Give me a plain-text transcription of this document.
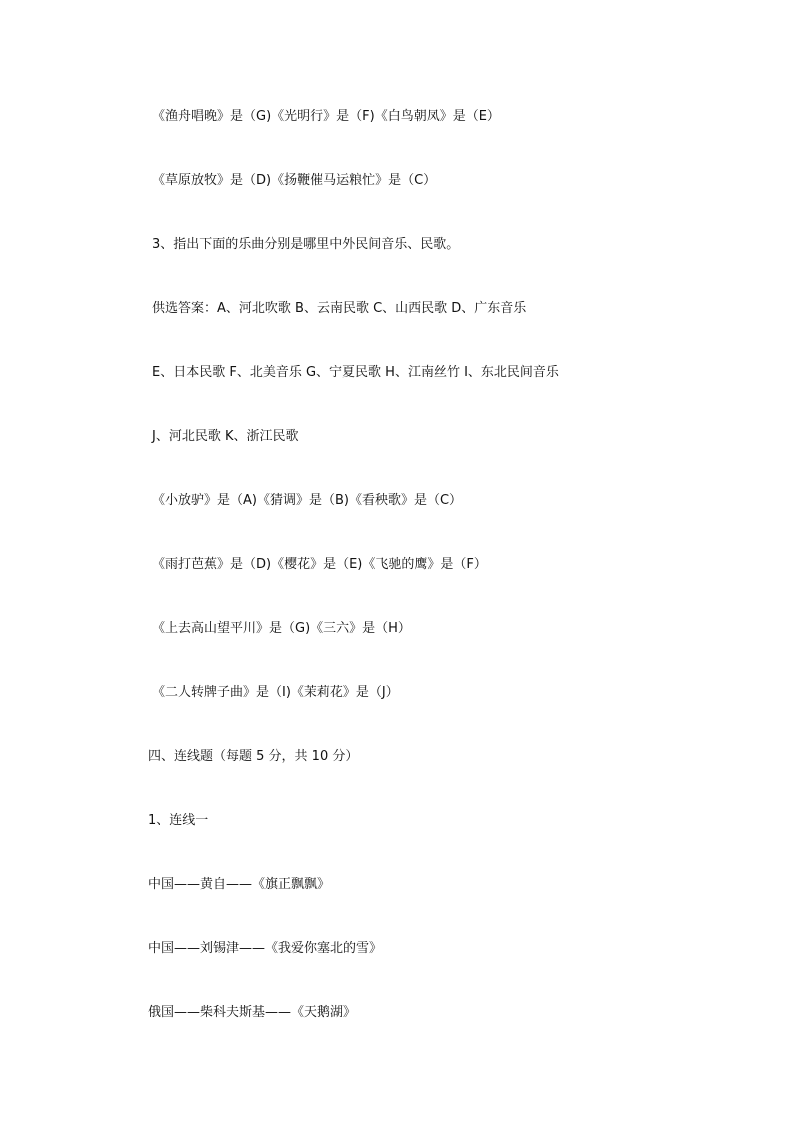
《渔舟唱晚》是（G)《光明行》是（F)《白鸟朝凤》是（E）
《草原放牧》是（D)《扬鞭催马运粮忙》是（C）
3、指出下面的乐曲分别是哪里中外民间音乐、民歌。
供选答案：A、河北吹歌 B、云南民歌 C、山西民歌 D、广东音乐
E、日本民歌 F、北美音乐 G、宁夏民歌 H、江南丝竹 I、东北民间音乐
J、河北民歌 K、浙江民歌
《小放驴》是（A)《猜调》是（B)《看秧歌》是（C）
《雨打芭蕉》是（D)《樱花》是（E)《飞驰的鹰》是（F）
《上去高山望平川》是（G)《三六》是（H）
《二人转牌子曲》是（I)《茉莉花》是（J）
四、连线题（每题 5 分，共 10 分）
1、连线一
中国——黄自——《旗正飘飘》
中国——刘锡津——《我爱你塞北的雪》
俄国——柴科夫斯基——《天鹅湖》
